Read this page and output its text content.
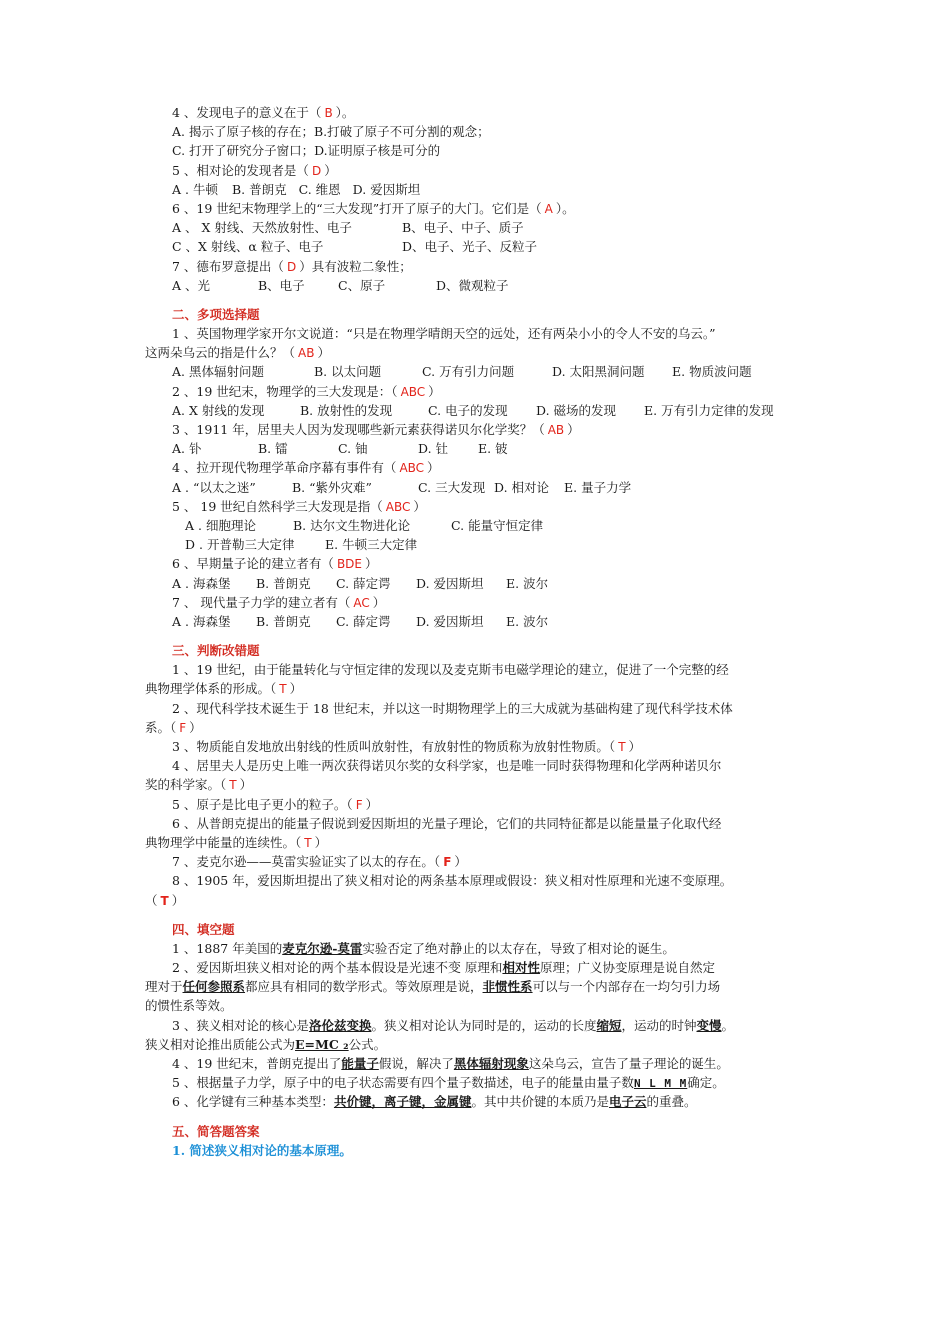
4 、发现电子的意义在于（ B ）。
A. 揭示了原子核的存在；B.打破了原子不可分割的观念；
C. 打开了研究分子窗口；D.证明原子核是可分的
5 、相对论的发现者是（ D ）
A . 牛顿 B. 普朗克 C. 维恩 D. 爱因斯坦
6 、19 世纪末物理学上的“三大发现”打开了原子的大门。它们是（ A ）。
A 、 X 射线、天然放射性、电子	B、电子、中子、质子
C 、X 射线、α 粒子、电子	D、电子、光子、反粒子
7 、德布罗意提出（ D ）具有波粒二象性；
A 、光	B、电子	C、原子	D、微观粒子
二、多项选择题
1 、英国物理学家开尔文说道：“只是在物理学晴朗天空的远处，还有两朵小小的令人不安的乌云。”
这两朵乌云的指是什么？（ AB ）
A. 黑体辐射问题	B. 以太问题	C. 万有引力问题	D. 太阳黑洞问题 E. 物质波问题
2 、19 世纪末，物理学的三大发现是：（ ABC ）
A. X 射线的发现	B. 放射性的发现	C. 电子的发现 D. 磁场的发现 E. 万有引力定律的发现
3 、1911 年，居里夫人因为发现哪些新元素获得诺贝尔化学奖？（ AB ）
A. 钋	B. 镭	C. 铀	D. 钍 E. 铍
4 、拉开现代物理学革命序幕有事件有（ ABC ）
A . “以太之迷”	B. “紫外灾难”	C. 三大发现 D. 相对论 E. 量子力学
5 、 19 世纪自然科学三大发现是指（ ABC ）
A . 细胞理论	B. 达尔文生物进化论	C. 能量守恒定律
D . 开普勒三大定律 E. 牛顿三大定律
6 、早期量子论的建立者有（ BDE ）
A . 海森堡 B. 普朗克 C. 薛定谔 D. 爱因斯坦 E. 波尔
7 、 现代量子力学的建立者有（ AC ）
A . 海森堡 B. 普朗克 C. 薛定谔 D. 爱因斯坦 E. 波尔
三、判断改错题
1 、19 世纪，由于能量转化与守恒定律的发现以及麦克斯韦电磁学理论的建立，促进了一个完整的经
典物理学体系的形成。（ T ）
2 、现代科学技术诞生于 18 世纪末，并以这一时期物理学上的三大成就为基础构建了现代科学技术体
系。（ F ）
3 、物质能自发地放出射线的性质叫放射性，有放射性的物质称为放射性物质。（ T ）
4 、居里夫人是历史上唯一两次获得诺贝尔奖的女科学家，也是唯一同时获得物理和化学两种诺贝尔
奖的科学家。（ T ）
5 、原子是比电子更小的粒子。（ F ）
6 、从普朗克提出的能量子假说到爱因斯坦的光量子理论，它们的共同特征都是以能量量子化取代经
典物理学中能量的连续性。（ T ）
7 、麦克尔逊——莫雷实验证实了以太的存在。（ F ）
8 、1905 年，爱因斯坦提出了狭义相对论的两条基本原理或假设：狭义相对性原理和光速不变原理。
（ T ）
四、填空题
1 、1887 年美国的麦克尔逊-莫雷实验否定了绝对静止的以太存在，导致了相对论的诞生。
2 、爱因斯坦狭义相对论的两个基本假设是光速不变 原理和相对性原理；广义协变原理是说自然定
理对于任何参照系都应具有相同的数学形式。等效原理是说，非惯性系可以与一个内部存在一均匀引力场
的惯性系等效。
3 、狭义相对论的核心是洛伦兹变换。狭义相对论认为同时是的，运动的长度缩短，运动的时钟变慢。
狭义相对论推出质能公式为E=MC ₂公式。
4 、19 世纪末，普朗克提出了能量子假说，解决了黑体辐射现象这朵乌云，宣告了量子理论的诞生。
5 、根据量子力学，原子中的电子状态需要有四个量子数描述，电子的能量由量子数N L M M确定。
6 、化学键有三种基本类型：共价键，离子键，金属键。其中共价键的本质乃是电子云的重叠。
五、简答题答案
1. 简述狭义相对论的基本原理。
